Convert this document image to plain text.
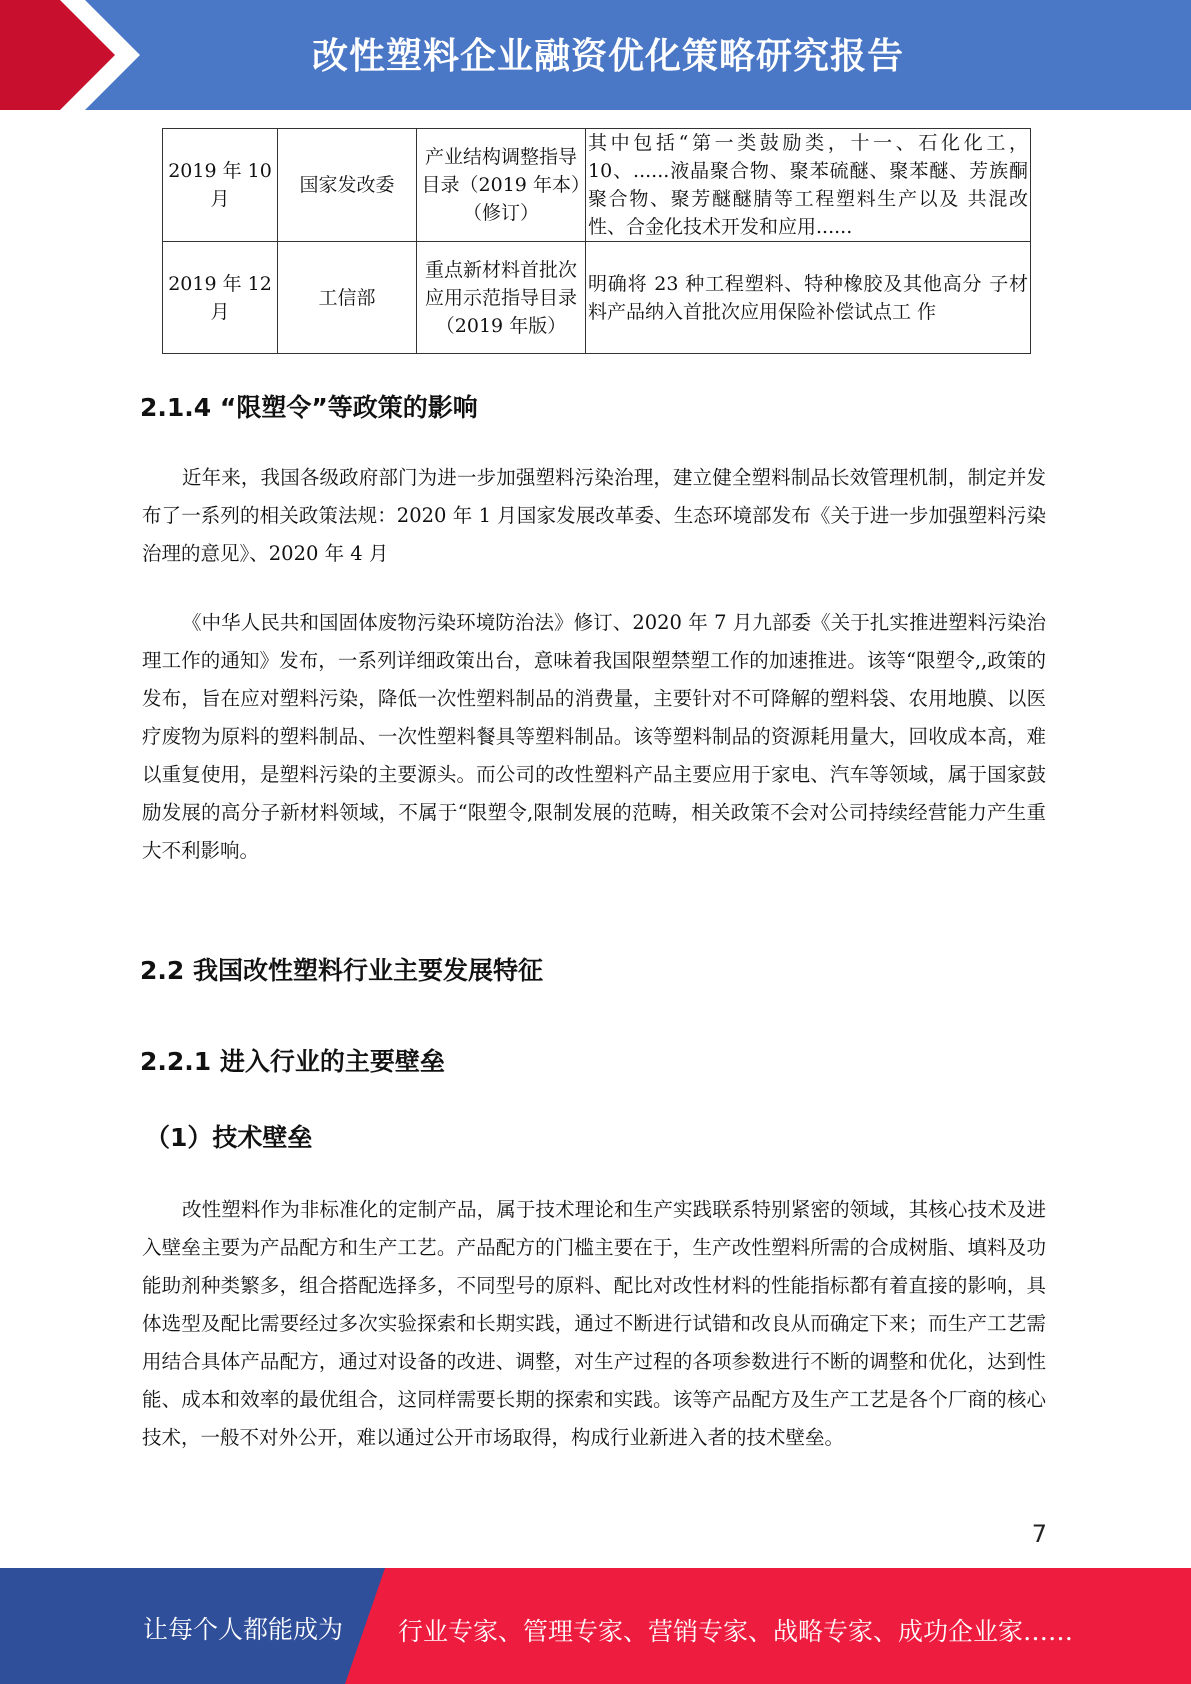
改性塑料企业融资优化策略研究报告
2019 年 10 月	国家发改委	产业结构调整指导目录（2019 年本）（修订）	其中包括“第一类鼓励类，十一、石化化工，10、......液晶聚合物、聚苯硫醚、聚苯醚、芳族酮聚合物、聚芳醚醚腈等工程塑料生产以及 共混改性、合金化技术开发和应用......
2019 年 12 月	工信部	重点新材料首批次应用示范指导目录（2019 年版）	明确将 23 种工程塑料、特种橡胶及其他高分 子材料产品纳入首批次应用保险补偿试点工 作
2.1.4 “限塑令”等政策的影响

近年来，我国各级政府部门为进一步加强塑料污染治理，建立健全塑料制品长效管理机制，制定并发布了一系列的相关政策法规：2020 年 1 月国家发展改革委、生态环境部发布《关于进一步加强塑料污染治理的意见》、2020 年 4 月

《中华人民共和国固体废物污染环境防治法》修订、2020 年 7 月九部委《关于扎实推进塑料污染治理工作的通知》发布，一系列详细政策出台，意味着我国限塑禁塑工作的加速推进。该等“限塑令,,政策的发布，旨在应对塑料污染，降低一次性塑料制品的消费量，主要针对不可降解的塑料袋、农用地膜、以医疗废物为原料的塑料制品、一次性塑料餐具等塑料制品。该等塑料制品的资源耗用量大，回收成本高，难以重复使用，是塑料污染的主要源头。而公司的改性塑料产品主要应用于家电、汽车等领域，属于国家鼓励发展的高分子新材料领域，不属于“限塑令,限制发展的范畴，相关政策不会对公司持续经营能力产生重大不利影响。

2.2 我国改性塑料行业主要发展特征
2.2.1 进入行业的主要壁垒
（1）技术壁垒

改性塑料作为非标准化的定制产品，属于技术理论和生产实践联系特别紧密的领域，其核心技术及进入壁垒主要为产品配方和生产工艺。产品配方的门槛主要在于，生产改性塑料所需的合成树脂、填料及功能助剂种类繁多，组合搭配选择多，不同型号的原料、配比对改性材料的性能指标都有着直接的影响，具体选型及配比需要经过多次实验探索和长期实践，通过不断进行试错和改良从而确定下来；而生产工艺需用结合具体产品配方，通过对设备的改进、调整，对生产过程的各项参数进行不断的调整和优化，达到性能、成本和效率的最优组合，这同样需要长期的探索和实践。该等产品配方及生产工艺是各个厂商的核心技术，一般不对外公开，难以通过公开市场取得，构成行业新进入者的技术壁垒。

7
让每个人都能成为 行业专家、管理专家、营销专家、战略专家、成功企业家……
